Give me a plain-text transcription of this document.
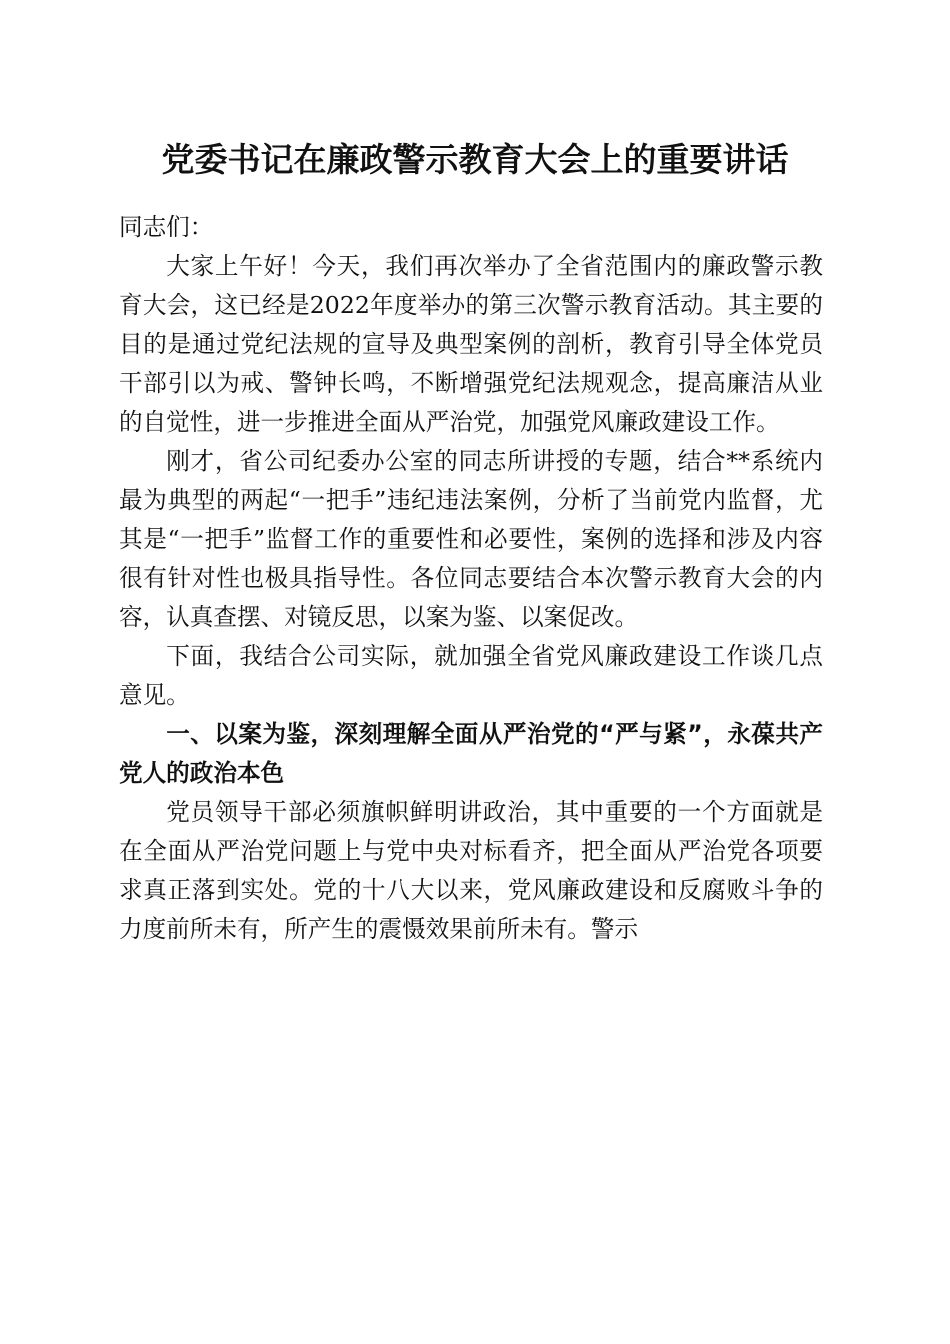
党委书记在廉政警示教育大会上的重要讲话

同志们：

大家上午好！今天，我们再次举办了全省范围内的廉政警示教育大会，这已经是2022年度举办的第三次警示教育活动。其主要的目的是通过党纪法规的宣导及典型案例的剖析，教育引导全体党员干部引以为戒、警钟长鸣，不断增强党纪法规观念，提高廉洁从业的自觉性，进一步推进全面从严治党，加强党风廉政建设工作。

刚才，省公司纪委办公室的同志所讲授的专题，结合**系统内最为典型的两起“一把手”违纪违法案例，分析了当前党内监督，尤其是“一把手”监督工作的重要性和必要性，案例的选择和涉及内容很有针对性也极具指导性。各位同志要结合本次警示教育大会的内容，认真查摆、对镜反思，以案为鉴、以案促改。

下面，我结合公司实际，就加强全省党风廉政建设工作谈几点意见。

一、以案为鉴，深刻理解全面从严治党的“严与紧”，永葆共产党人的政治本色

党员领导干部必须旗帜鲜明讲政治，其中重要的一个方面就是在全面从严治党问题上与党中央对标看齐，把全面从严治党各项要求真正落到实处。党的十八大以来，党风廉政建设和反腐败斗争的力度前所未有，所产生的震慑效果前所未有。警示
